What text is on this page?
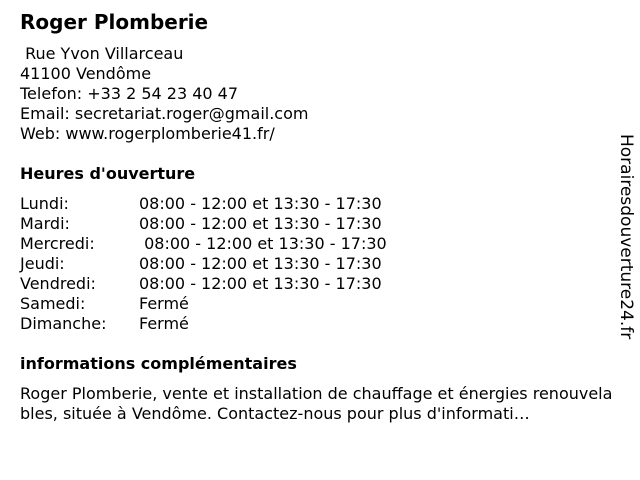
Roger Plomberie
Rue Yvon Villarceau
41100 Vendôme
Telefon: +33 2 54 23 40 47
Email: secretariat.roger@gmail.com
Web: www.rogerplomberie41.fr/
Heures d'ouverture
Lundi:	08:00 - 12:00 et 13:30 - 17:30
Mardi:	08:00 - 12:00 et 13:30 - 17:30
Mercredi:	08:00 - 12:00 et 13:30 - 17:30
Jeudi:	08:00 - 12:00 et 13:30 - 17:30
Vendredi:	08:00 - 12:00 et 13:30 - 17:30
Samedi:	Fermé
Dimanche:	Fermé
informations complémentaires
Roger Plomberie, vente et installation de chauffage et énergies renouvelables, située à Vendôme. Contactez-nous pour plus d'informati…
Horairesdouverture24.fr
